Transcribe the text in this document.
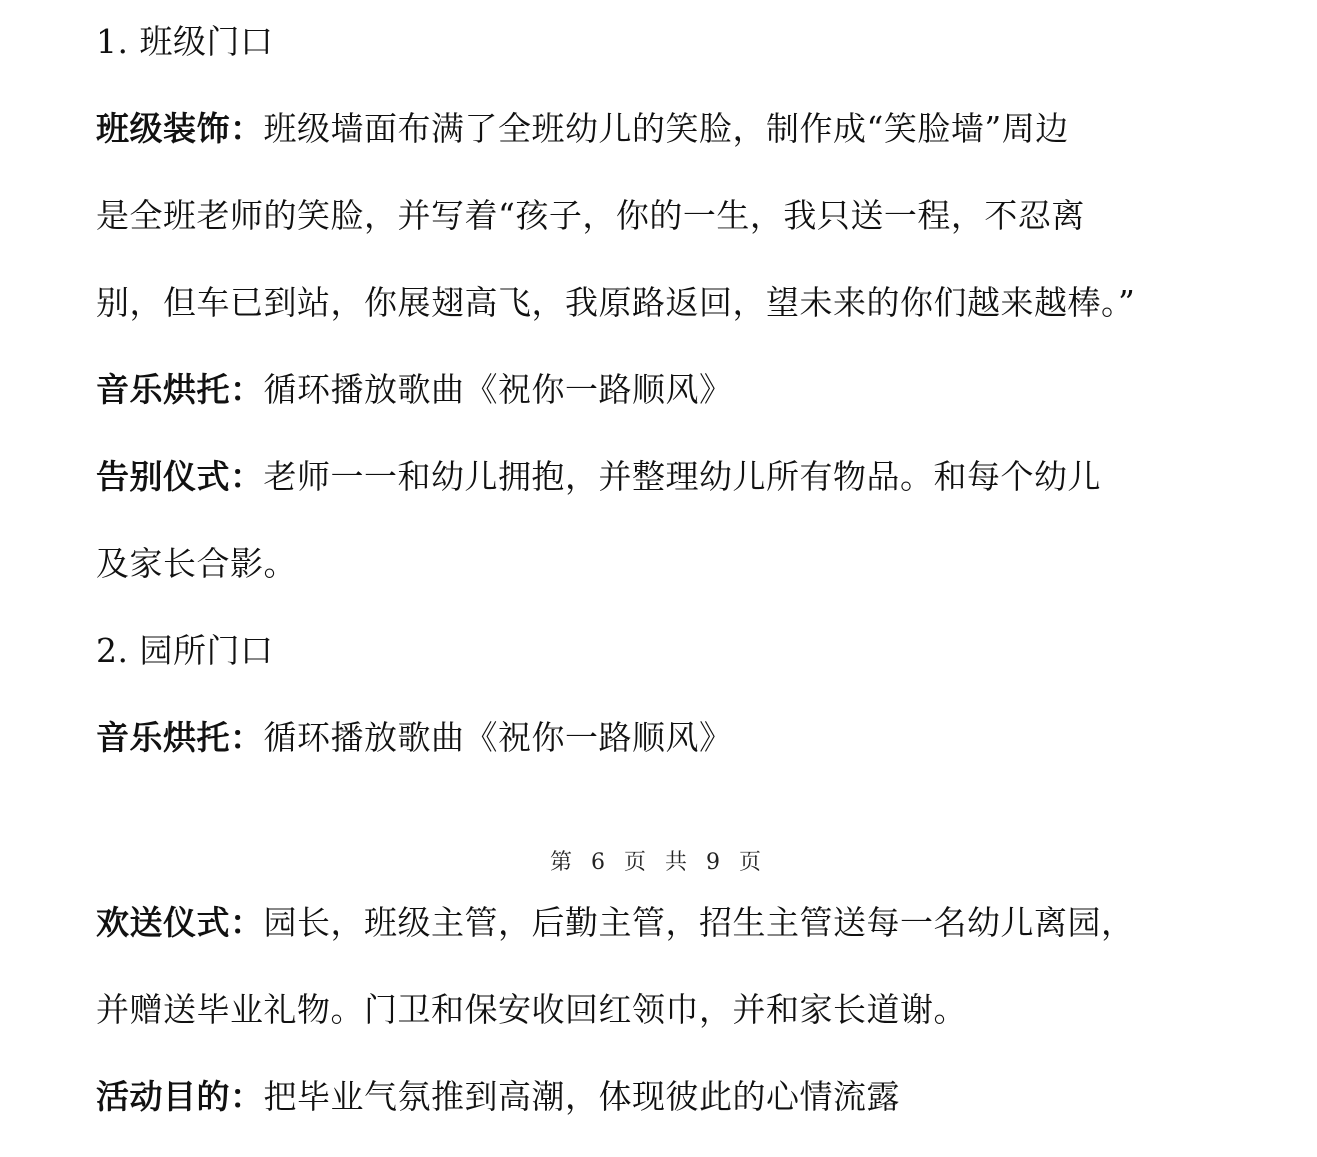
1. 班级门口
班级装饰：班级墙面布满了全班幼儿的笑脸，制作成“笑脸墙”周边
是全班老师的笑脸，并写着“孩子，你的一生，我只送一程，不忍离
别，但车已到站，你展翅高飞，我原路返回，望未来的你们越来越棒。”
音乐烘托：循环播放歌曲《祝你一路顺风》
告别仪式：老师一一和幼儿拥抱，并整理幼儿所有物品。和每个幼儿
及家长合影。
2. 园所门口
音乐烘托：循环播放歌曲《祝你一路顺风》
第 6 页 共 9 页
欢送仪式：园长，班级主管，后勤主管，招生主管送每一名幼儿离园，
并赠送毕业礼物。门卫和保安收回红领巾，并和家长道谢。
活动目的：把毕业气氛推到高潮，体现彼此的心情流露
